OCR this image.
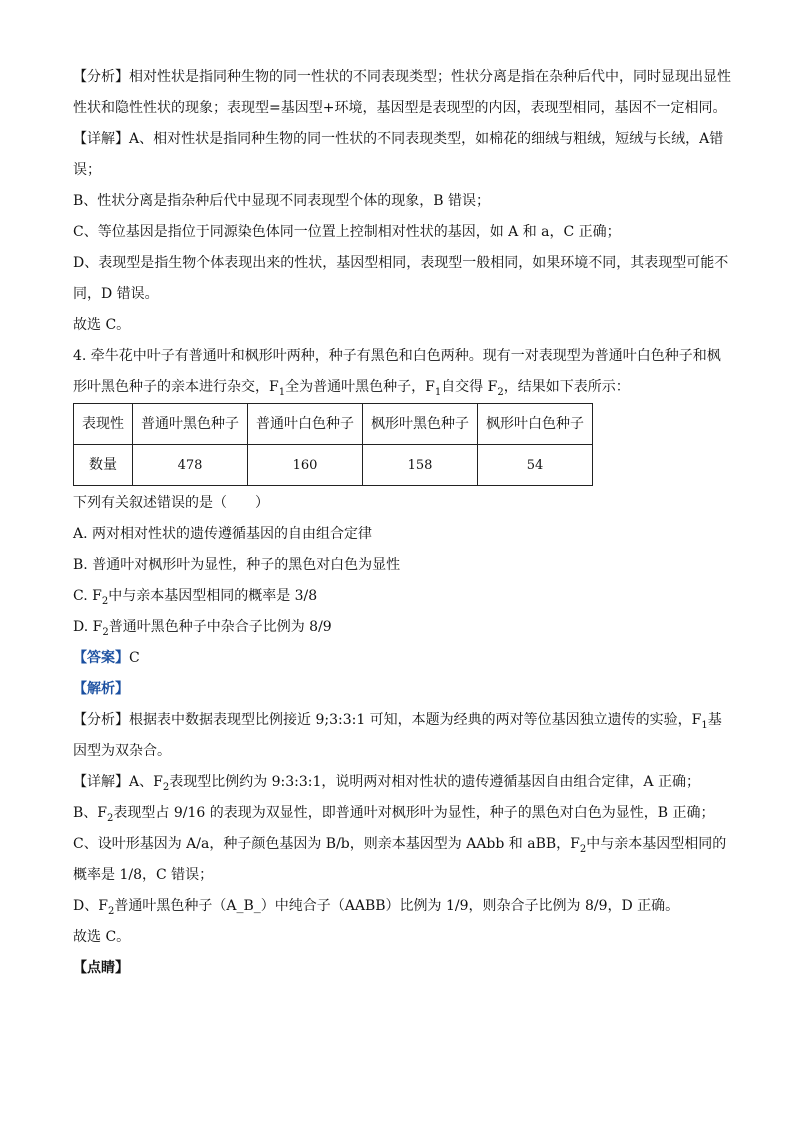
【分析】相对性状是指同种生物的同一性状的不同表现类型；性状分离是指在杂种后代中，同时显现出显性性状和隐性性状的现象；表现型=基因型+环境，基因型是表现型的内因，表现型相同，基因不一定相同。

【详解】A、相对性状是指同种生物的同一性状的不同表现类型，如棉花的细绒与粗绒，短绒与长绒，A错误；

B、性状分离是指杂种后代中显现不同表现型个体的现象，B 错误；

C、等位基因是指位于同源染色体同一位置上控制相对性状的基因，如 A 和 a，C 正确；

D、表现型是指生物个体表现出来的性状，基因型相同，表现型一般相同，如果环境不同，其表现型可能不同，D 错误。

故选 C。

4. 牵牛花中叶子有普通叶和枫形叶两种，种子有黑色和白色两种。现有一对表现型为普通叶白色种子和枫形叶黑色种子的亲本进行杂交，$F_1$全为普通叶黑色种子，$F_1$自交得 $F_2$，结果如下表所示：

表现性	普通叶黑色种子	普通叶白色种子	枫形叶黑色种子	枫形叶白色种子
数量	478	160	158	54

下列有关叙述错误的是（　　）

A. 两对相对性状的遗传遵循基因的自由组合定律

B. 普通叶对枫形叶为显性，种子的黑色对白色为显性

C. $F_2$中与亲本基因型相同的概率是 3/8

D. $F_2$普通叶黑色种子中杂合子比例为 8/9

【答案】C

【解析】

【分析】根据表中数据表现型比例接近 9;3:3:1 可知，本题为经典的两对等位基因独立遗传的实验，$F_1$基因型为双杂合。

【详解】A、$F_2$表现型比例约为 9:3:3:1，说明两对相对性状的遗传遵循基因自由组合定律，A 正确；

B、$F_2$表现型占 9/16 的表现为双显性，即普通叶对枫形叶为显性，种子的黑色对白色为显性，B 正确；

C、设叶形基因为 A/a，种子颜色基因为 B/b，则亲本基因型为 AAbb 和 aBB，$F_2$中与亲本基因型相同的概率是 1/8，C 错误；

D、$F_2$普通叶黑色种子（A_B_）中纯合子（AABB）比例为 1/9，则杂合子比例为 8/9，D 正确。

故选 C。

【点睛】
